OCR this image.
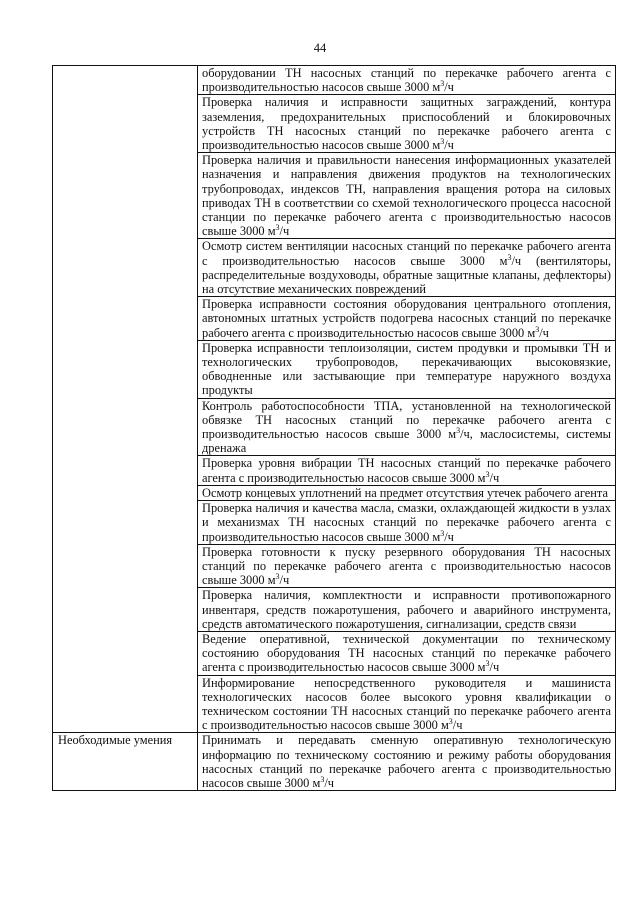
44

	оборудовании ТН насосных станций по перекачке рабочего агента с производительностью насосов свыше 3000 $м^3/ч$

	Проверка наличия и исправности защитных заграждений, контура заземления, предохранительных приспособлений и блокировочных устройств ТН насосных станций по перекачке рабочего агента с производительностью насосов свыше 3000 $м^3/ч$

	Проверка наличия и правильности нанесения информационных указателей назначения и направления движения продуктов на технологических трубопроводах, индексов ТН, направления вращения ротора на силовых приводах ТН в соответствии со схемой технологического процесса насосной станции по перекачке рабочего агента с производительностью насосов свыше 3000 $м^3/ч$

	Осмотр систем вентиляции насосных станций по перекачке рабочего агента с производительностью насосов свыше 3000 $м^3/ч$ (вентиляторы, распределительные воздуховоды, обратные защитные клапаны, дефлекторы) на отсутствие механических повреждений

	Проверка исправности состояния оборудования центрального отопления, автономных штатных устройств подогрева насосных станций по перекачке рабочего агента с производительностью насосов свыше 3000 $м^3/ч$

	Проверка исправности теплоизоляции, систем продувки и промывки ТН и технологических трубопроводов, перекачивающих высоковязкие, обводненные или застывающие при температуре наружного воздуха продукты

	Контроль работоспособности ТПА, установленной на технологической обвязке ТН насосных станций по перекачке рабочего агента с производительностью насосов свыше 3000 $м^3/ч$, маслосистемы, системы дренажа

	Проверка уровня вибрации ТН насосных станций по перекачке рабочего агента с производительностью насосов свыше 3000 $м^3/ч$

	Осмотр концевых уплотнений на предмет отсутствия утечек рабочего агента

	Проверка наличия и качества масла, смазки, охлаждающей жидкости в узлах и механизмах ТН насосных станций по перекачке рабочего агента с производительностью насосов свыше 3000 $м^3/ч$

	Проверка готовности к пуску резервного оборудования ТН насосных станций по перекачке рабочего агента с производительностью насосов свыше 3000 $м^3/ч$

	Проверка наличия, комплектности и исправности противопожарного инвентаря, средств пожаротушения, рабочего и аварийного инструмента, средств автоматического пожаротушения, сигнализации, средств связи

	Ведение оперативной, технической документации по техническому состоянию оборудования ТН насосных станций по перекачке рабочего агента с производительностью насосов свыше 3000 $м^3/ч$

	Информирование непосредственного руководителя и машиниста технологических насосов более высокого уровня квалификации о техническом состоянии ТН насосных станций по перекачке рабочего агента с производительностью насосов свыше 3000 $м^3/ч$

Необходимые умения	Принимать и передавать сменную оперативную технологическую информацию по техническому состоянию и режиму работы оборудования насосных станций по перекачке рабочего агента с производительностью насосов свыше 3000 $м^3/ч$
